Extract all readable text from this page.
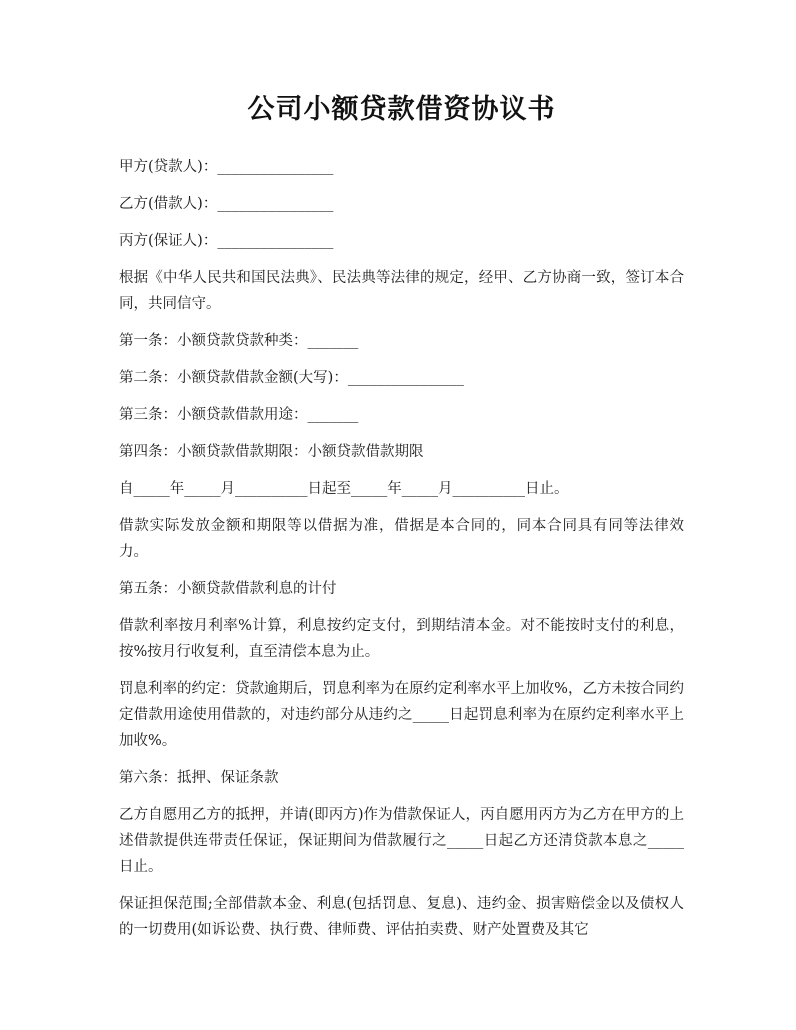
公司小额贷款借资协议书

甲方(贷款人)：________________

乙方(借款人)：________________

丙方(保证人)：________________

根据《中华人民共和国民法典》、民法典等法律的规定，经甲、乙方协商一致，签订本合同，共同信守。

第一条：小额贷款贷款种类：_______

第二条：小额贷款借款金额(大写)：________________

第三条：小额贷款借款用途：_______

第四条：小额贷款借款期限：小额贷款借款期限

自_____年_____月__________日起至_____年_____月__________日止。

借款实际发放金额和期限等以借据为准，借据是本合同的，同本合同具有同等法律效力。

第五条：小额贷款借款利息的计付

借款利率按月利率%计算，利息按约定支付，到期结清本金。对不能按时支付的利息，按%按月行收复利，直至清偿本息为止。

罚息利率的约定：贷款逾期后，罚息利率为在原约定利率水平上加收%，乙方未按合同约定借款用途使用借款的，对违约部分从违约之_____日起罚息利率为在原约定利率水平上加收%。

第六条：抵押、保证条款

乙方自愿用乙方的抵押，并请(即丙方)作为借款保证人，丙自愿用丙方为乙方在甲方的上述借款提供连带责任保证，保证期间为借款履行之_____日起乙方还清贷款本息之_____日止。

保证担保范围;全部借款本金、利息(包括罚息、复息)、违约金、损害赔偿金以及债权人的一切费用(如诉讼费、执行费、律师费、评估拍卖费、财产处置费及其它
